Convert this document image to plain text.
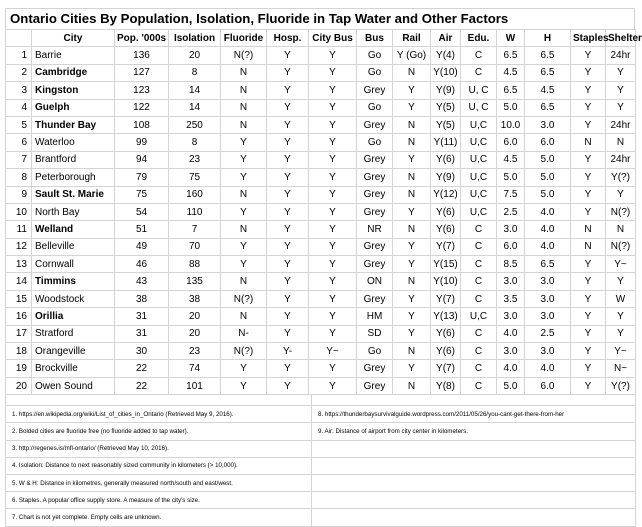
Ontario Cities By Population, Isolation, Fluoride in Tap Water and Other Factors
	City	Pop. '000s	Isolation	Fluoride	Hosp.	City Bus	Bus	Rail	Air	Edu.	W	H	Staples	Shelter
1	Barrie	136	20	N(?)	Y	Y	Go	Y (Go)	Y(4)	C	6.5	6.5	Y	24hr
2	Cambridge	127	8	N	Y	Y	Go	N	Y(10)	C	4.5	6.5	Y	Y
3	Kingston	123	14	N	Y	Y	Grey	Y	Y(9)	U, C	6.5	4.5	Y	Y
4	Guelph	122	14	N	Y	Y	Go	Y	Y(5)	U, C	5.0	6.5	Y	Y
5	Thunder Bay	108	250	N	Y	Y	Grey	N	Y(5)	U,C	10.0	3.0	Y	24hr
6	Waterloo	99	8	Y	Y	Y	Go	N	Y(11)	U,C	6.0	6.0	N	N
7	Brantford	94	23	Y	Y	Y	Grey	Y	Y(6)	U,C	4.5	5.0	Y	24hr
8	Peterborough	79	75	Y	Y	Y	Grey	N	Y(9)	U,C	5.0	5.0	Y	Y(?)
9	Sault St. Marie	75	160	N	Y	Y	Grey	N	Y(12)	U,C	7.5	5.0	Y	Y
10	North Bay	54	110	Y	Y	Y	Grey	Y	Y(6)	U,C	2.5	4.0	Y	N(?)
11	Welland	51	7	N	Y	Y	NR	N	Y(6)	C	3.0	4.0	N	N
12	Belleville	49	70	Y	Y	Y	Grey	Y	Y(7)	C	6.0	4.0	N	N(?)
13	Cornwall	46	88	Y	Y	Y	Grey	Y	Y(15)	C	8.5	6.5	Y	Y~
14	Timmins	43	135	N	Y	Y	ON	N	Y(10)	C	3.0	3.0	Y	Y
15	Woodstock	38	38	N(?)	Y	Y	Grey	Y	Y(7)	C	3.5	3.0	Y	W
16	Orillia	31	20	N	Y	Y	HM	Y	Y(13)	U,C	3.0	3.0	Y	Y
17	Stratford	31	20	N-	Y	Y	SD	Y	Y(6)	C	4.0	2.5	Y	Y
18	Orangeville	30	23	N(?)	Y-	Y~	Go	N	Y(6)	C	3.0	3.0	Y	Y~
19	Brockville	22	74	Y	Y	Y	Grey	Y	Y(7)	C	4.0	4.0	Y	N~
20	Owen Sound	22	101	Y	Y	Y	Grey	N	Y(8)	C	5.0	6.0	Y	Y(?)

1. https://en.wikipedia.org/wiki/List_of_cities_in_Ontario (Retrieved May 9, 2016).	8. https://thunderbaysurvivalguide.wordpress.com/2011/05/26/you-cant-get-there-from-her
2. Bolded cities are fluoride free (no fluoride added to tap water).	9. Air: Distance of airport from city center in kilometers.
3. http://regenes.is/mfl-ontario/ (Retrieved May 10, 2016).	
4. Isolation: Distance to next reasonably sized community in kilometers (> 10,000).	
5. W & H: Distance in kilometres, generally measured north/south and east/west.	
6. Staples. A popular office supply store. A measure of the city's size.	
7. Chart is not yet complete. Empty cells are unknown.	
